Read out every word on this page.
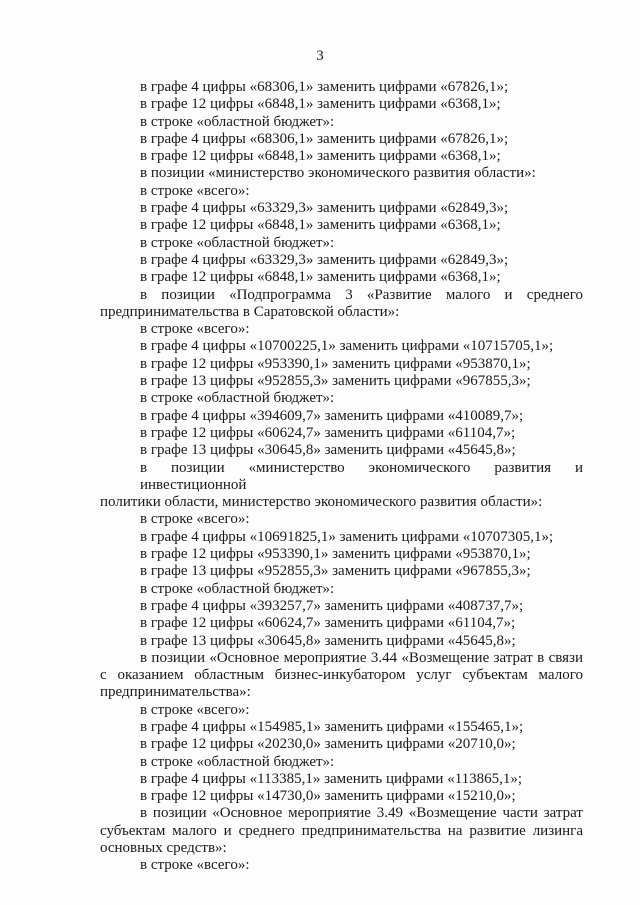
3
в графе 4 цифры «68306,1» заменить цифрами «67826,1»;
в графе 12 цифры «6848,1» заменить цифрами «6368,1»;
в строке «областной бюджет»:
в графе 4 цифры «68306,1» заменить цифрами «67826,1»;
в графе 12 цифры «6848,1» заменить цифрами «6368,1»;
в позиции «министерство экономического развития области»:
в строке «всего»:
в графе 4 цифры «63329,3» заменить цифрами «62849,3»;
в графе 12 цифры «6848,1» заменить цифрами «6368,1»;
в строке «областной бюджет»:
в графе 4 цифры «63329,3» заменить цифрами «62849,3»;
в графе 12 цифры «6848,1» заменить цифрами «6368,1»;
в позиции «Подпрограмма 3 «Развитие малого и среднего
предпринимательства в Саратовской области»:
в строке «всего»:
в графе 4 цифры «10700225,1» заменить цифрами «10715705,1»;
в графе 12 цифры «953390,1» заменить цифрами «953870,1»;
в графе 13 цифры «952855,3» заменить цифрами «967855,3»;
в строке «областной бюджет»:
в графе 4 цифры «394609,7» заменить цифрами «410089,7»;
в графе 12 цифры «60624,7» заменить цифрами «61104,7»;
в графе 13 цифры «30645,8» заменить цифрами «45645,8»;
в позиции «министерство экономического развития и инвестиционной
политики области, министерство экономического развития области»:
в строке «всего»:
в графе 4 цифры «10691825,1» заменить цифрами «10707305,1»;
в графе 12 цифры «953390,1» заменить цифрами «953870,1»;
в графе 13 цифры «952855,3» заменить цифрами «967855,3»;
в строке «областной бюджет»:
в графе 4 цифры «393257,7» заменить цифрами «408737,7»;
в графе 12 цифры «60624,7» заменить цифрами «61104,7»;
в графе 13 цифры «30645,8» заменить цифрами «45645,8»;
в позиции «Основное мероприятие 3.44 «Возмещение затрат в связи
с оказанием областным бизнес-инкубатором услуг субъектам малого
предпринимательства»:
в строке «всего»:
в графе 4 цифры «154985,1» заменить цифрами «155465,1»;
в графе 12 цифры «20230,0» заменить цифрами «20710,0»;
в строке «областной бюджет»:
в графе 4 цифры «113385,1» заменить цифрами «113865,1»;
в графе 12 цифры «14730,0» заменить цифрами «15210,0»;
в позиции «Основное мероприятие 3.49 «Возмещение части затрат
субъектам малого и среднего предпринимательства на развитие лизинга
основных средств»:
в строке «всего»:
